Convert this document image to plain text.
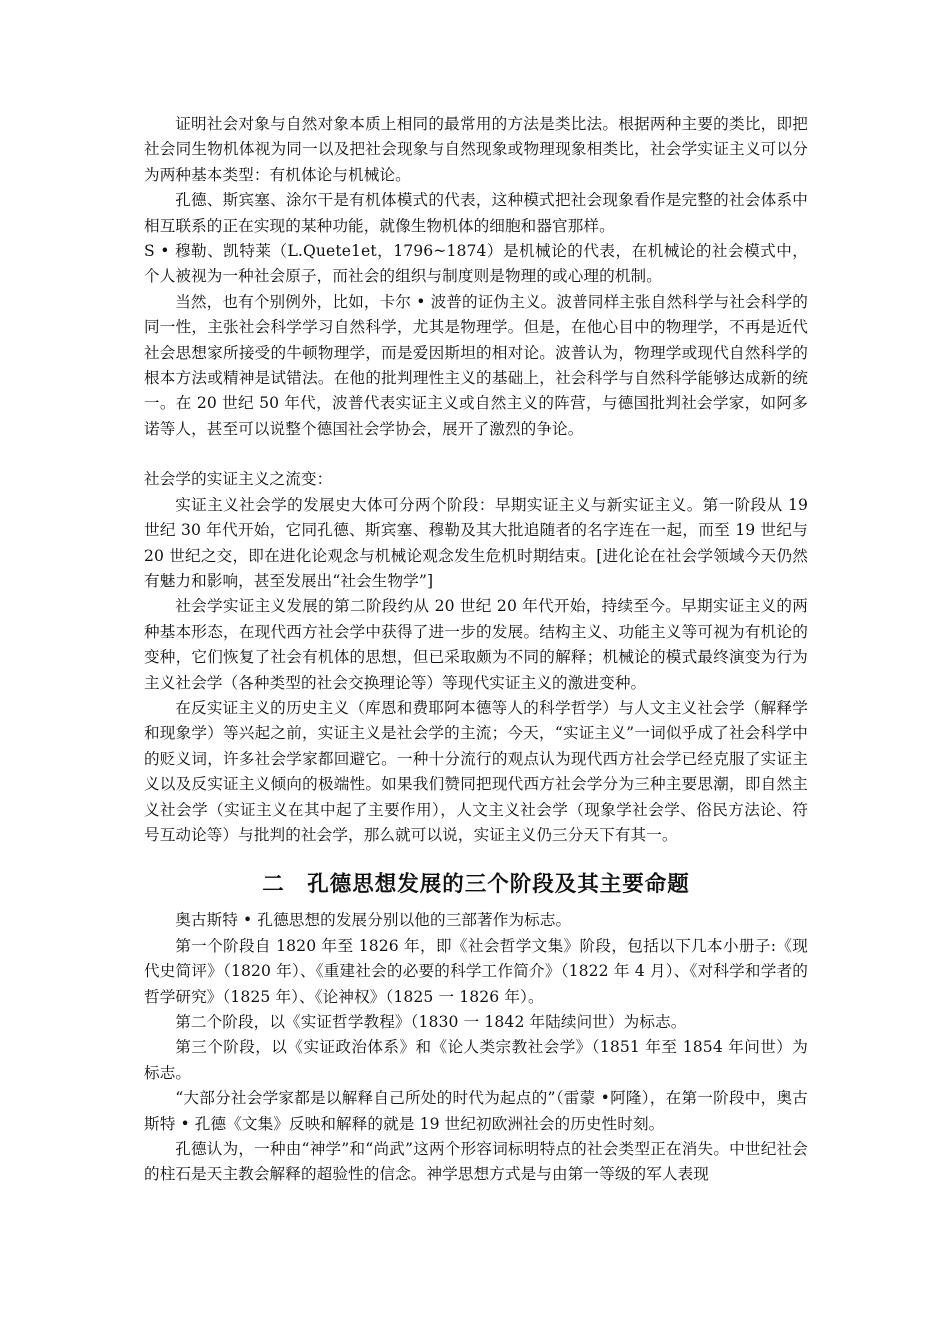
证明社会对象与自然对象本质上相同的最常用的方法是类比法。根据两种主要的类比，即把社会同生物机体视为同一以及把社会现象与自然现象或物理现象相类比，社会学实证主义可以分为两种基本类型：有机体论与机械论。

孔德、斯宾塞、涂尔干是有机体模式的代表，这种模式把社会现象看作是完整的社会体系中相互联系的正在实现的某种功能，就像生物机体的细胞和器官那样。

S • 穆勒、凯特莱（L.Quete1et，1796~1874）是机械论的代表，在机械论的社会模式中，个人被视为一种社会原子，而社会的组织与制度则是物理的或心理的机制。

当然，也有个别例外，比如，卡尔 • 波普的证伪主义。波普同样主张自然科学与社会科学的同一性，主张社会科学学习自然科学，尤其是物理学。但是，在他心目中的物理学，不再是近代社会思想家所接受的牛顿物理学，而是爱因斯坦的相对论。波普认为，物理学或现代自然科学的根本方法或精神是试错法。在他的批判理性主义的基础上，社会科学与自然科学能够达成新的统一。在 20 世纪 50 年代，波普代表实证主义或自然主义的阵营，与德国批判社会学家，如阿多诺等人，甚至可以说整个德国社会学协会，展开了激烈的争论。

社会学的实证主义之流变：

实证主义社会学的发展史大体可分两个阶段：早期实证主义与新实证主义。第一阶段从 19 世纪 30 年代开始，它同孔德、斯宾塞、穆勒及其大批追随者的名字连在一起，而至 19 世纪与 20 世纪之交，即在进化论观念与机械论观念发生危机时期结束。[进化论在社会学领域今天仍然有魅力和影响，甚至发展出“社会生物学”]

社会学实证主义发展的第二阶段约从 20 世纪 20 年代开始，持续至今。早期实证主义的两种基本形态，在现代西方社会学中获得了进一步的发展。结构主义、功能主义等可视为有机论的变种，它们恢复了社会有机体的思想，但已采取颇为不同的解释；机械论的模式最终演变为行为主义社会学（各种类型的社会交换理论等）等现代实证主义的激进变种。

在反实证主义的历史主义（库恩和费耶阿本德等人的科学哲学）与人文主义社会学（解释学和现象学）等兴起之前，实证主义是社会学的主流；今天，“实证主义”一词似乎成了社会科学中的贬义词，许多社会学家都回避它。一种十分流行的观点认为现代西方社会学已经克服了实证主义以及反实证主义倾向的极端性。如果我们赞同把现代西方社会学分为三种主要思潮，即自然主义社会学（实证主义在其中起了主要作用），人文主义社会学（现象学社会学、俗民方法论、符号互动论等）与批判的社会学，那么就可以说，实证主义仍三分天下有其一。

二　孔德思想发展的三个阶段及其主要命题

奥古斯特 • 孔德思想的发展分别以他的三部著作为标志。

第一个阶段自 1820 年至 1826 年，即《社会哲学文集》阶段，包括以下几本小册子:《现代史简评》（1820 年）、《重建社会的必要的科学工作简介》（1822 年 4 月）、《对科学和学者的哲学研究》（1825 年）、《论神权》（1825 一 1826 年）。

第二个阶段，以《实证哲学教程》（1830 一 1842 年陆续问世）为标志。

第三个阶段，以《实证政治体系》和《论人类宗教社会学》（1851 年至 1854 年问世）为标志。

“大部分社会学家都是以解释自己所处的时代为起点的”（雷蒙 •阿隆），在第一阶段中，奥古斯特 • 孔德《文集》反映和解释的就是 19 世纪初欧洲社会的历史性时刻。

孔德认为，一种由“神学”和“尚武”这两个形容词标明特点的社会类型正在消失。中世纪社会的柱石是天主教会解释的超验性的信念。神学思想方式是与由第一等级的军人表现
